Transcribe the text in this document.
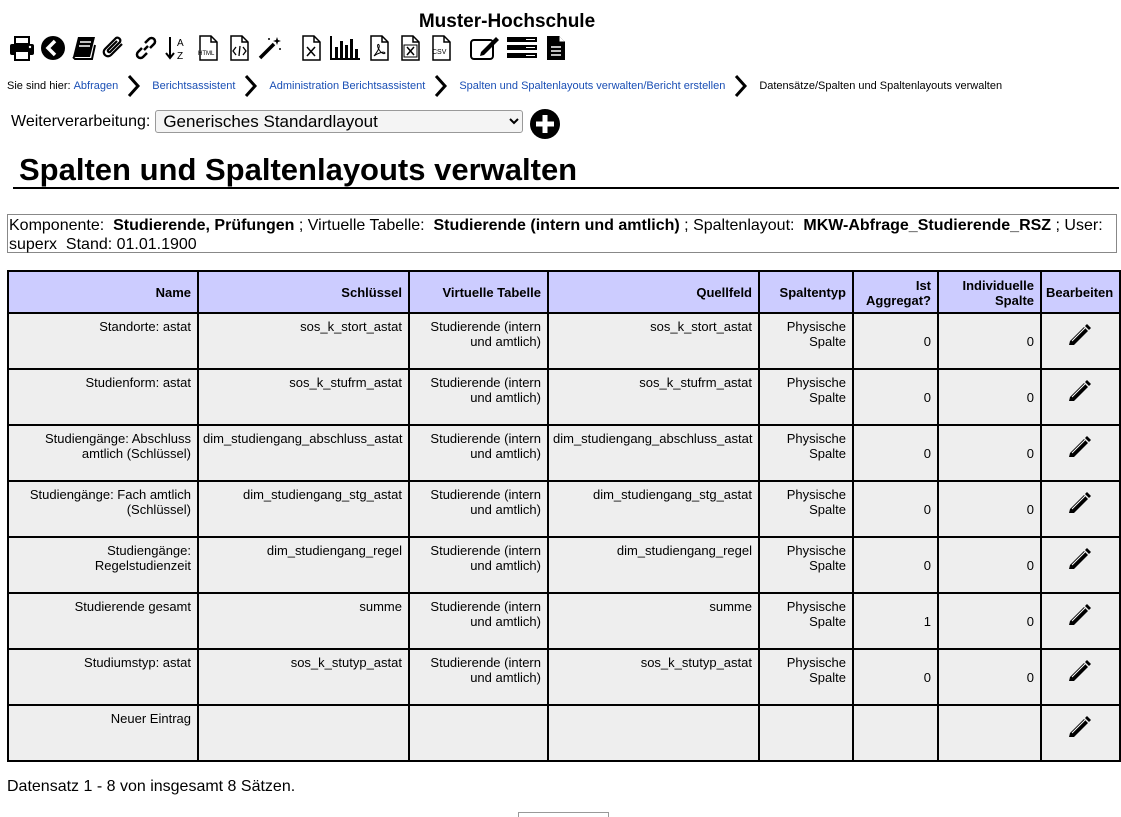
Muster-Hochschule
A
Z HTML	CSV
Sie sind hier: Abfragen	Berichtsassistent	Administration Berichtsassistent	Spalten und Spaltenlayouts verwalten/Bericht erstellen	Datensätze/Spalten und Spaltenlayouts verwalten
Weiterverarbeitung:
Generisches Standardlayout
Spalten und Spaltenlayouts verwalten
Komponente: Studierende, Prüfungen ; Virtuelle Tabelle: Studierende (intern und amtlich) ; Spaltenlayout: MKW-Abfrage_Studierende_RSZ ; User: superx Stand: 01.01.1900
Name	Schlüssel	Virtuelle Tabelle	Quellfeld	Spaltentyp	Ist Aggregat?	Individuelle Spalte	Bearbeiten
Standorte: astat	sos_k_stort_astat	Studierende (intern und amtlich)	sos_k_stort_astat	Physische Spalte	0	0	
Studienform: astat	sos_k_stufrm_astat	Studierende (intern und amtlich)	sos_k_stufrm_astat	Physische Spalte	0	0	
Studiengänge: Abschluss amtlich (Schlüssel)	dim_studiengang_abschluss_astat	Studierende (intern und amtlich)	dim_studiengang_abschluss_astat	Physische Spalte	0	0	
Studiengänge: Fach amtlich (Schlüssel)	dim_studiengang_stg_astat	Studierende (intern und amtlich)	dim_studiengang_stg_astat	Physische Spalte	0	0	
Studiengänge: Regelstudienzeit	dim_studiengang_regel	Studierende (intern und amtlich)	dim_studiengang_regel	Physische Spalte	0	0	
Studierende gesamt	summe	Studierende (intern und amtlich)	summe	Physische Spalte	1	0	
Studiumstyp: astat	sos_k_stutyp_astat	Studierende (intern und amtlich)	sos_k_stutyp_astat	Physische Spalte	0	0	
Neuer Eintrag							
Datensatz 1 - 8 von insgesamt 8 Sätzen.
